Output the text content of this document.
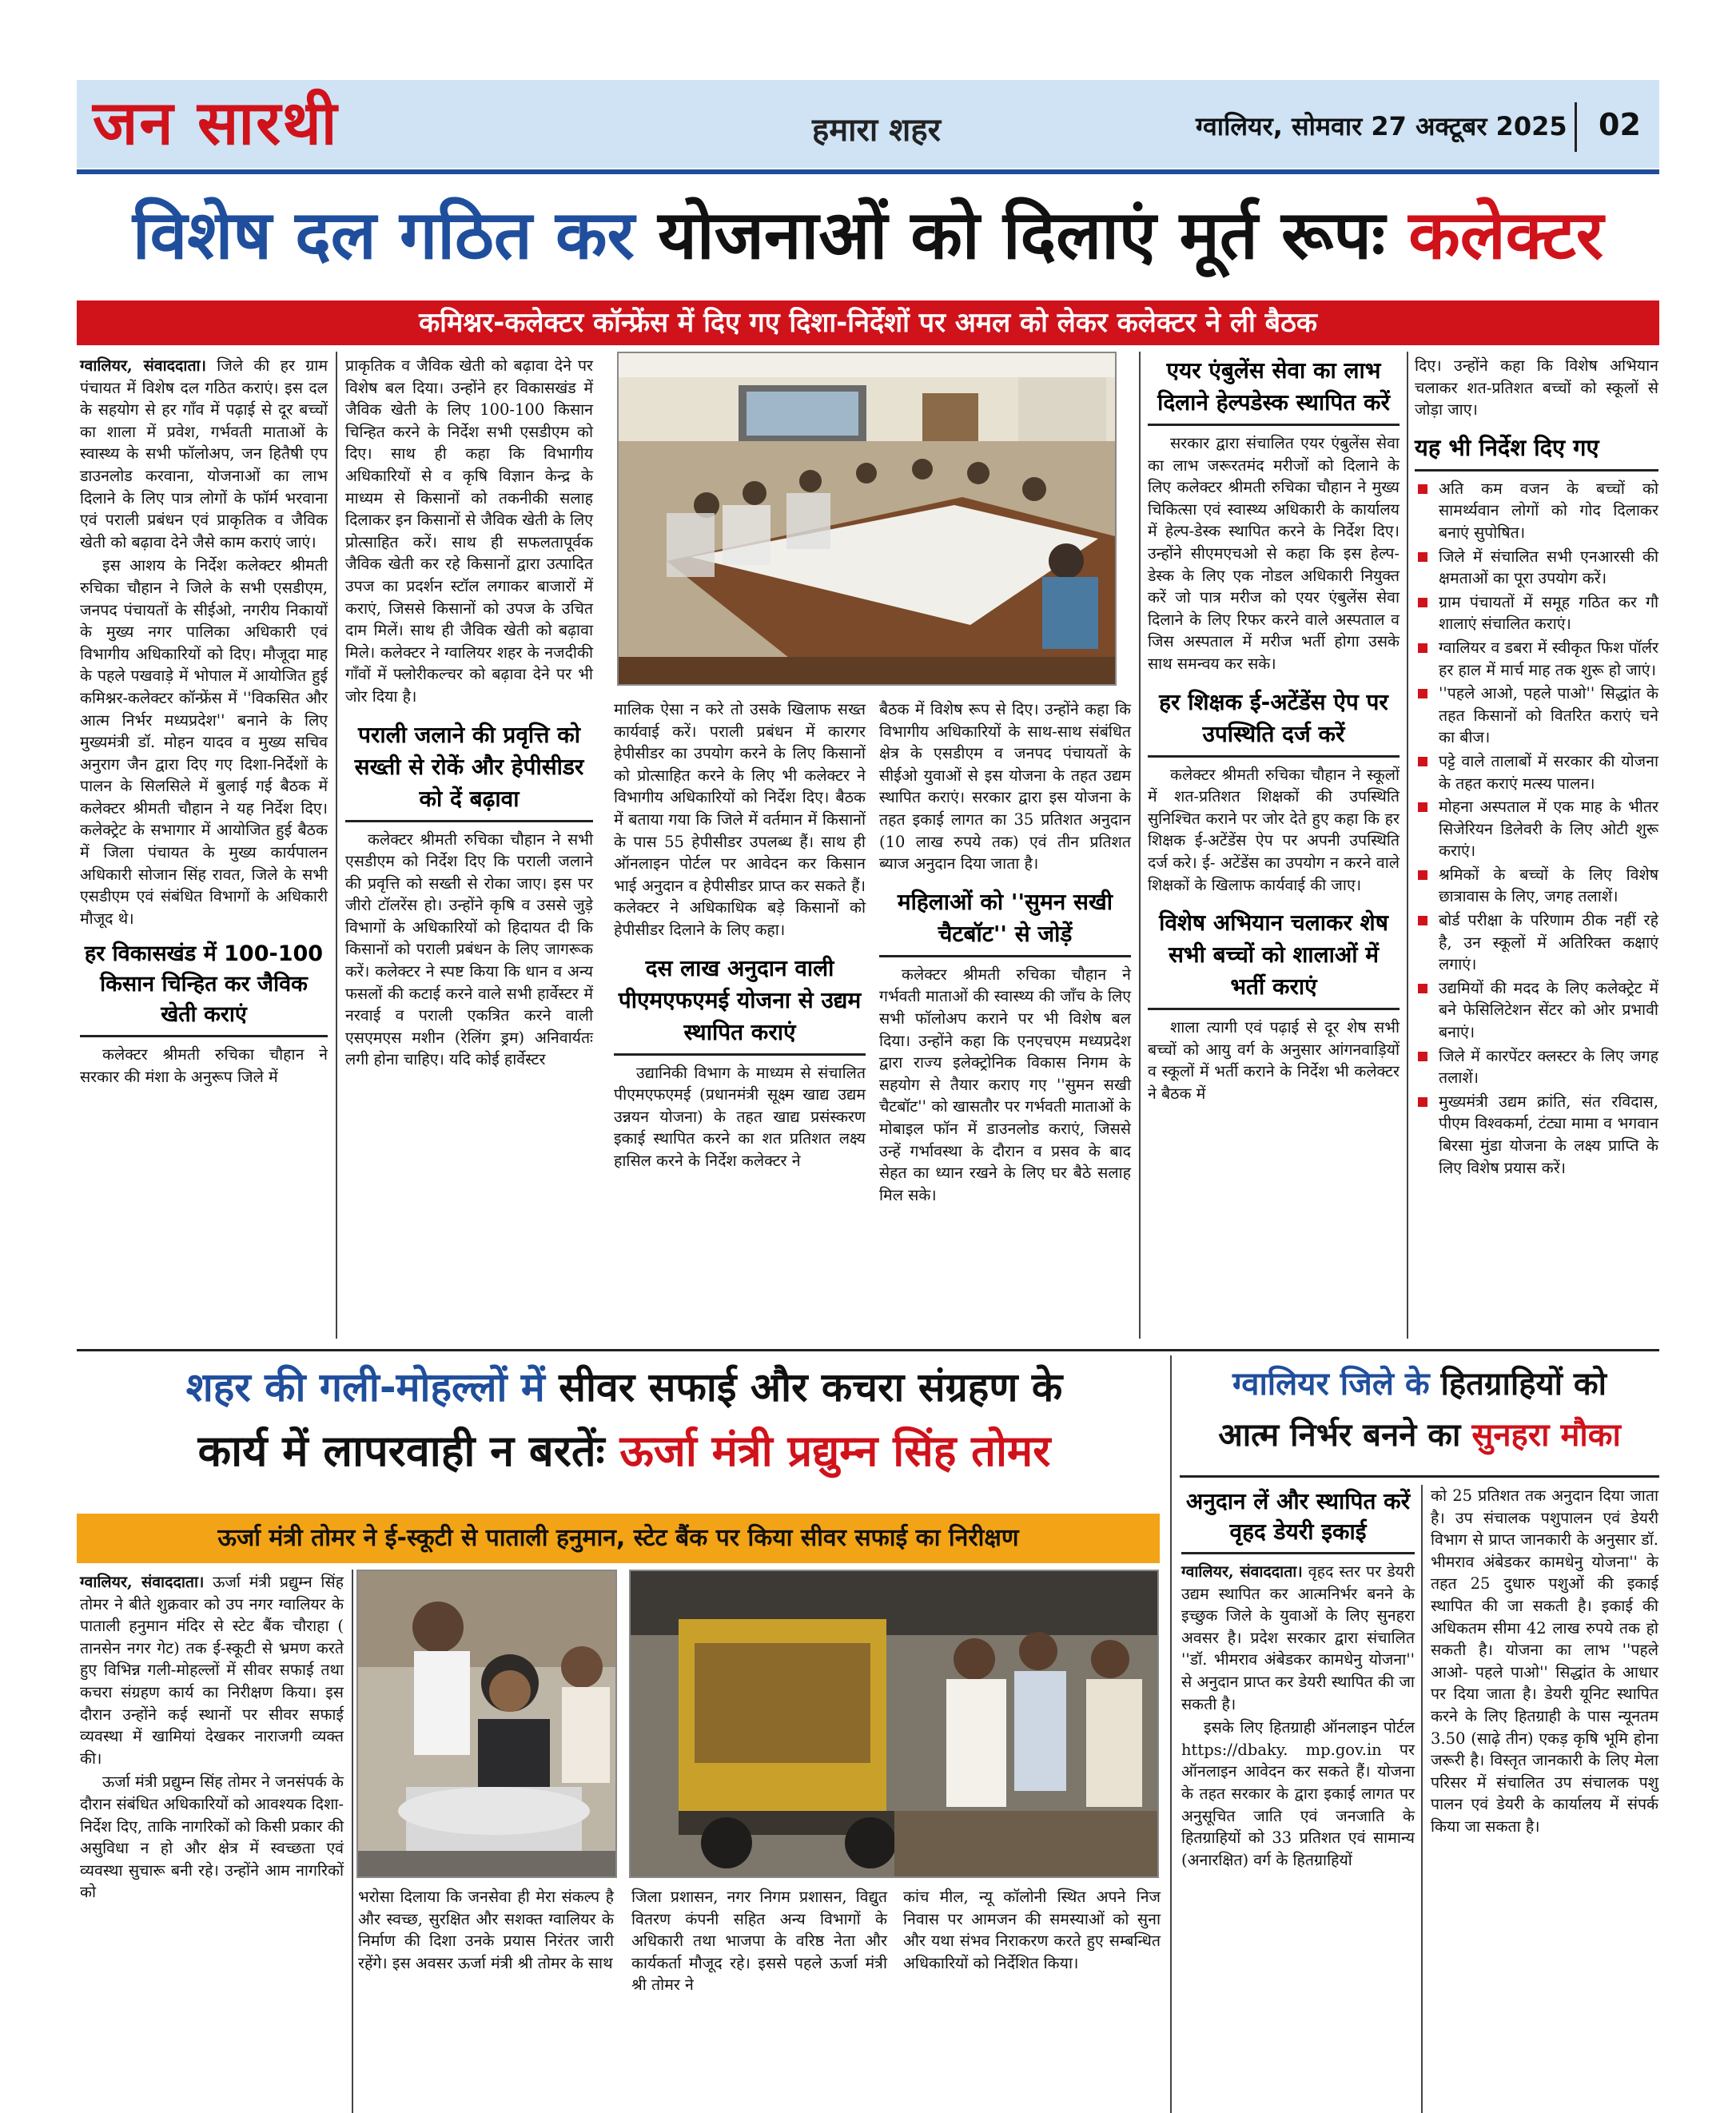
जन सारथी	हमारा शहर	ग्वालियर, सोमवार 27 अक्टूबर 2025 02
विशेष दल गठित कर योजनाओं को दिलाएं मूर्त रूपः कलेक्टर
कमिश्नर-कलेक्टर कॉन्फ्रेंस में दिए गए दिशा-निर्देशों पर अमल को लेकर कलेक्टर ने ली बैठक

ग्वालियर, संवाददाता। जिले की हर ग्राम पंचायत में विशेष दल गठित कराएं। इस दल के सहयोग से हर गाँव में पढ़ाई से दूर बच्चों का शाला में प्रवेश, गर्भवती माताओं के स्वास्थ्य के सभी फॉलोअप, जन हितैषी एप डाउनलोड करवाना, योजनाओं का लाभ दिलाने के लिए पात्र लोगों के फॉर्म भरवाना एवं पराली प्रबंधन एवं प्राकृतिक व जैविक खेती को बढ़ावा देने जैसे काम कराएं जाएं।

इस आशय के निर्देश कलेक्टर श्रीमती रुचिका चौहान ने जिले के सभी एसडीएम, जनपद पंचायतों के सीईओ, नगरीय निकायों के मुख्य नगर पालिका अधिकारी एवं विभागीय अधिकारियों को दिए। मौजूदा माह के पहले पखवाड़े में भोपाल में आयोजित हुई कमिश्नर-कलेक्टर कॉन्फ्रेंस में ''विकसित और आत्म निर्भर मध्यप्रदेश'' बनाने के लिए मुख्यमंत्री डॉ. मोहन यादव व मुख्य सचिव अनुराग जैन द्वारा दिए गए दिशा-निर्देशों के पालन के सिलसिले में बुलाई गई बैठक में कलेक्टर श्रीमती चौहान ने यह निर्देश दिए। कलेक्ट्रेट के सभागार में आयोजित हुई बैठक में जिला पंचायत के मुख्य कार्यपालन अधिकारी सोजान सिंह रावत, जिले के सभी एसडीएम एवं संबंधित विभागों के अधिकारी मौजूद थे।

हर विकासखंड में 100-100 किसान चिन्हित कर जैविक खेती कराएं

कलेक्टर श्रीमती रुचिका चौहान ने सरकार की मंशा के अनुरूप जिले में

प्राकृतिक व जैविक खेती को बढ़ावा देने पर विशेष बल दिया। उन्होंने हर विकासखंड में जैविक खेती के लिए 100-100 किसान चिन्हित करने के निर्देश सभी एसडीएम को दिए। साथ ही कहा कि विभागीय अधिकारियों से व कृषि विज्ञान केन्द्र के माध्यम से किसानों को तकनीकी सलाह दिलाकर इन किसानों से जैविक खेती के लिए प्रोत्साहित करें। साथ ही सफलतापूर्वक जैविक खेती कर रहे किसानों द्वारा उत्पादित उपज का प्रदर्शन स्टॉल लगाकर बाजारों में कराएं, जिससे किसानों को उपज के उचित दाम मिलें। साथ ही जैविक खेती को बढ़ावा मिले। कलेक्टर ने ग्वालियर शहर के नजदीकी गाँवों में फ्लोरीकल्चर को बढ़ावा देने पर भी जोर दिया है।

पराली जलाने की प्रवृत्ति को सख्ती से रोकें और हेपीसीडर को दें बढ़ावा

कलेक्टर श्रीमती रुचिका चौहान ने सभी एसडीएम को निर्देश दिए कि पराली जलाने की प्रवृत्ति को सख्ती से रोका जाए। इस पर जीरो टॉलरेंस हो। उन्होंने कृषि व उससे जुड़े विभागों के अधिकारियों को हिदायत दी कि किसानों को पराली प्रबंधन के लिए जागरूक करें। कलेक्टर ने स्पष्ट किया कि धान व अन्य फसलों की कटाई करने वाले सभी हार्वेस्टर में नरवाई व पराली एकत्रित करने वाली एसएमएस मशीन (रेलिंग ड्रम) अनिवार्यतः लगी होना चाहिए। यदि कोई हार्वेस्टर

मालिक ऐसा न करे तो उसके खिलाफ सख्त कार्यवाई करें। पराली प्रबंधन में कारगर हेपीसीडर का उपयोग करने के लिए किसानों को प्रोत्साहित करने के लिए भी कलेक्टर ने विभागीय अधिकारियों को निर्देश दिए। बैठक में बताया गया कि जिले में वर्तमान में किसानों के पास 55 हेपीसीडर उपलब्ध हैं। साथ ही ऑनलाइन पोर्टल पर आवेदन कर किसान भाई अनुदान व हेपीसीडर प्राप्त कर सकते हैं। कलेक्टर ने अधिकाधिक बड़े किसानों को हेपीसीडर दिलाने के लिए कहा।

दस लाख अनुदान वाली पीएमएफएमई योजना से उद्यम स्थापित कराएं

उद्यानिकी विभाग के माध्यम से संचालित पीएमएफएमई (प्रधानमंत्री सूक्ष्म खाद्य उद्यम उन्नयन योजना) के तहत खाद्य प्रसंस्करण इकाई स्थापित करने का शत प्रतिशत लक्ष्य हासिल करने के निर्देश कलेक्टर ने

बैठक में विशेष रूप से दिए। उन्होंने कहा कि विभागीय अधिकारियों के साथ-साथ संबंधित क्षेत्र के एसडीएम व जनपद पंचायतों के सीईओ युवाओं से इस योजना के तहत उद्यम स्थापित कराएं। सरकार द्वारा इस योजना के तहत इकाई लागत का 35 प्रतिशत अनुदान (10 लाख रुपये तक) एवं तीन प्रतिशत ब्याज अनुदान दिया जाता है।

महिलाओं को ''सुमन सखी चैटबॉट'' से जोड़ें

कलेक्टर श्रीमती रुचिका चौहान ने गर्भवती माताओं की स्वास्थ्य की जाँच के लिए सभी फॉलोअप कराने पर भी विशेष बल दिया। उन्होंने कहा कि एनएचएम मध्यप्रदेश द्वारा राज्य इलेक्ट्रोनिक विकास निगम के सहयोग से तैयार कराए गए ''सुमन सखी चैटबॉट'' को खासतौर पर गर्भवती माताओं के मोबाइल फॉन में डाउनलोड कराएं, जिससे उन्हें गर्भावस्था के दौरान व प्रसव के बाद सेहत का ध्यान रखने के लिए घर बैठे सलाह मिल सके।

एयर एंबुलेंस सेवा का लाभ दिलाने हेल्पडेस्क स्थापित करें

सरकार द्वारा संचालित एयर एंबुलेंस सेवा का लाभ जरूरतमंद मरीजों को दिलाने के लिए कलेक्टर श्रीमती रुचिका चौहान ने मुख्य चिकित्सा एवं स्वास्थ्य अधिकारी के कार्यालय में हेल्प-डेस्क स्थापित करने के निर्देश दिए। उन्होंने सीएमएचओ से कहा कि इस हेल्प-डेस्क के लिए एक नोडल अधिकारी नियुक्त करें जो पात्र मरीज को एयर एंबुलेंस सेवा दिलाने के लिए रिफर करने वाले अस्पताल व जिस अस्पताल में मरीज भर्ती होगा उसके साथ समन्वय कर सके।

हर शिक्षक ई-अटेंडेंस ऐप पर उपस्थिति दर्ज करें

कलेक्टर श्रीमती रुचिका चौहान ने स्कूलों में शत-प्रतिशत शिक्षकों की उपस्थिति सुनिश्चित कराने पर जोर देते हुए कहा कि हर शिक्षक ई-अटेंडेंस ऐप पर अपनी उपस्थिति दर्ज करे। ई- अटेंडेंस का उपयोग न करने वाले शिक्षकों के खिलाफ कार्यवाई की जाए।

विशेष अभियान चलाकर शेष सभी बच्चों को शालाओं में भर्ती कराएं

शाला त्यागी एवं पढ़ाई से दूर शेष सभी बच्चों को आयु वर्ग के अनुसार आंगनवाड़ियों व स्कूलों में भर्ती कराने के निर्देश भी कलेक्टर ने बैठक में

दिए। उन्होंने कहा कि विशेष अभियान चलाकर शत-प्रतिशत बच्चों को स्कूलों से जोड़ा जाए।

यह भी निर्देश दिए गए

अति कम वजन के बच्चों को सामर्थ्यवान लोगों को गोद दिलाकर बनाएं सुपोषित।

जिले में संचालित सभी एनआरसी की क्षमताओं का पूरा उपयोग करें।

ग्राम पंचायतों में समूह गठित कर गौ शालाएं संचालित कराएं।

ग्वालियर व डबरा में स्वीकृत फिश पॉर्लर हर हाल में मार्च माह तक शुरू हो जाएं।

''पहले आओ, पहले पाओ'' सिद्धांत के तहत किसानों को वितरित कराएं चने का बीज।

पट्टे वाले तालाबों में सरकार की योजना के तहत कराएं मत्स्य पालन।

मोहना अस्पताल में एक माह के भीतर सिजेरियन डिलेवरी के लिए ओटी शुरू कराएं।

श्रमिकों के बच्चों के लिए विशेष छात्रावास के लिए, जगह तलाशें।

बोर्ड परीक्षा के परिणाम ठीक नहीं रहे है, उन स्कूलों में अतिरिक्त कक्षाएं लगाएं।

उद्यमियों की मदद के लिए कलेक्ट्रेट में बने फेसिलिटेशन सेंटर को ओर प्रभावी बनाएं।

जिले में कारपेंटर क्लस्टर के लिए जगह तलाशें।

मुख्यमंत्री उद्यम क्रांति, संत रविदास, पीएम विश्वकर्मा, टंट्या मामा व भगवान बिरसा मुंडा योजना के लक्ष्य प्राप्ति के लिए विशेष प्रयास करें।

शहर की गली-मोहल्लों में सीवर सफाई और कचरा संग्रहण के
कार्य में लापरवाही न बरतेंः ऊर्जा मंत्री प्रद्युम्न सिंह तोमर
ऊर्जा मंत्री तोमर ने ई-स्कूटी से पाताली हनुमान, स्टेट बैंक पर किया सीवर सफाई का निरीक्षण

ग्वालियर, संवाददाता। ऊर्जा मंत्री प्रद्युम्न सिंह तोमर ने बीते शुक्रवार को उप नगर ग्वालियर के पाताली हनुमान मंदिर से स्टेट बैंक चौराहा ( तानसेन नगर गेट) तक ई-स्कूटी से भ्रमण करते हुए विभिन्न गली-मोहल्लों में सीवर सफाई तथा कचरा संग्रहण कार्य का निरीक्षण किया। इस दौरान उन्होंने कई स्थानों पर सीवर सफाई व्यवस्था में खामियां देखकर नाराजगी व्यक्त की।

ऊर्जा मंत्री प्रद्युम्न सिंह तोमर ने जनसंपर्क के दौरान संबंधित अधिकारियों को आवश्यक दिशा-निर्देश दिए, ताकि नागरिकों को किसी प्रकार की असुविधा न हो और क्षेत्र में स्वच्छता एवं व्यवस्था सुचारू बनी रहे। उन्होंने आम नागरिकों को	भरोसा दिलाया कि जनसेवा ही मेरा संकल्प है और स्वच्छ, सुरक्षित और सशक्त ग्वालियर के निर्माण की दिशा उनके प्रयास निरंतर जारी रहेंगे। इस अवसर ऊर्जा मंत्री श्री तोमर के साथ

जिला प्रशासन, नगर निगम प्रशासन, विद्युत वितरण कंपनी सहित अन्य विभागों के अधिकारी तथा भाजपा के वरिष्ठ नेता और कार्यकर्ता मौजूद रहे। इससे पहले ऊर्जा मंत्री श्री तोमर ने

कांच मील, न्यू कॉलोनी स्थित अपने निज निवास पर आमजन की समस्याओं को सुना और यथा संभव निराकरण करते हुए सम्बन्धित अधिकारियों को निर्देशित किया।

ग्वालियर जिले के हितग्राहियों को
आत्म निर्भर बनने का सुनहरा मौका
अनुदान लें और स्थापित करें वृहद डेयरी इकाई

ग्वालियर, संवाददाता। वृहद स्तर पर डेयरी उद्यम स्थापित कर आत्मनिर्भर बनने के इच्छुक जिले के युवाओं के लिए सुनहरा अवसर है। प्रदेश सरकार द्वारा संचालित ''डॉ. भीमराव अंबेडकर कामधेनु योजना'' से अनुदान प्राप्त कर डेयरी स्थापित की जा सकती है।

इसके लिए हितग्राही ऑनलाइन पोर्टल https://dbaky. mp.gov.in पर ऑनलाइन आवेदन कर सकते हैं। योजना के तहत सरकार के द्वारा इकाई लागत पर अनुसूचित जाति एवं जनजाति के हितग्राहियों को 33 प्रतिशत एवं सामान्य (अनारक्षित) वर्ग के हितग्राहियों

को 25 प्रतिशत तक अनुदान दिया जाता है। उप संचालक पशुपालन एवं डेयरी विभाग से प्राप्त जानकारी के अनुसार डॉ. भीमराव अंबेडकर कामधेनु योजना'' के तहत 25 दुधारु पशुओं की इकाई स्थापित की जा सकती है। इकाई की अधिकतम सीमा 42 लाख रुपये तक हो सकती है। योजना का लाभ ''पहले आओ- पहले पाओ'' सिद्धांत के आधार पर दिया जाता है। डेयरी यूनिट स्थापित करने के लिए हितग्राही के पास न्यूनतम 3.50 (साढ़े तीन) एकड़ कृषि भूमि होना जरूरी है। विस्तृत जानकारी के लिए मेला परिसर में संचालित उप संचालक पशु पालन एवं डेयरी के कार्यालय में संपर्क किया जा सकता है।
